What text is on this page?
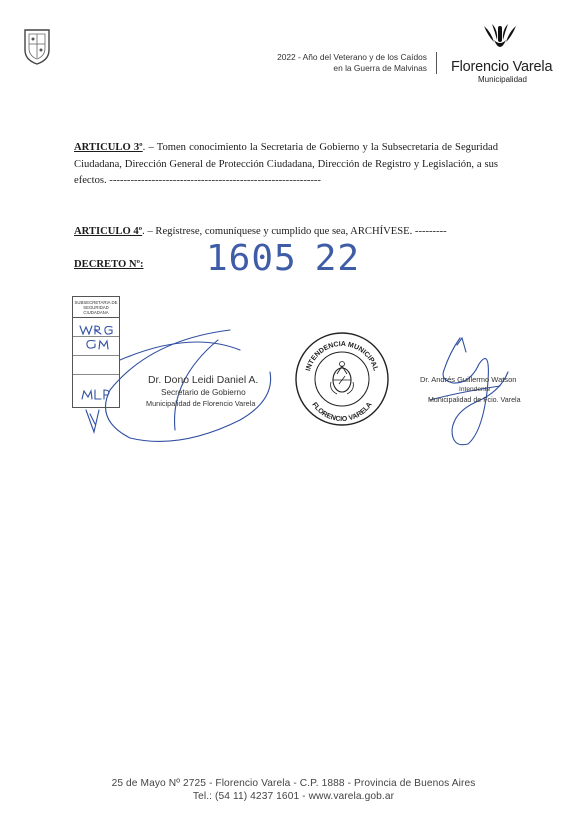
2022 - Año del Veterano y de los Caídos
en la Guerra de Malvinas Florencio Varela
Municipalidad
ARTICULO 3º. – Tomen conocimiento la Secretaria de Gobierno y la Subsecretaria de Seguridad Ciudadana, Dirección General de Protección Ciudadana, Dirección de Registro y Legislación, a sus efectos. ------------------------------------------------------------
ARTICULO 4º. – Regístrese, comuníquese y cumplido que sea, ARCHÍVESE. ---------
DECRETO Nº: 1605 22
SUBSECRETARIA DE SEGURIDAD CIUDADANA
Dr. Dono Leidi Daniel A.
Secretario de Gobierno
Municipalidad de Florencio Varela
INTENDENCIA MUNICIPAL
FLORENCIO VARELA
Dr. Andrés Guillermo Watson
Intendente
Municipalidad de Fcio. Varela
25 de Mayo Nº 2725 - Florencio Varela - C.P. 1888 - Provincia de Buenos Aires
Tel.: (54 11) 4237 1601 - www.varela.gob.ar
